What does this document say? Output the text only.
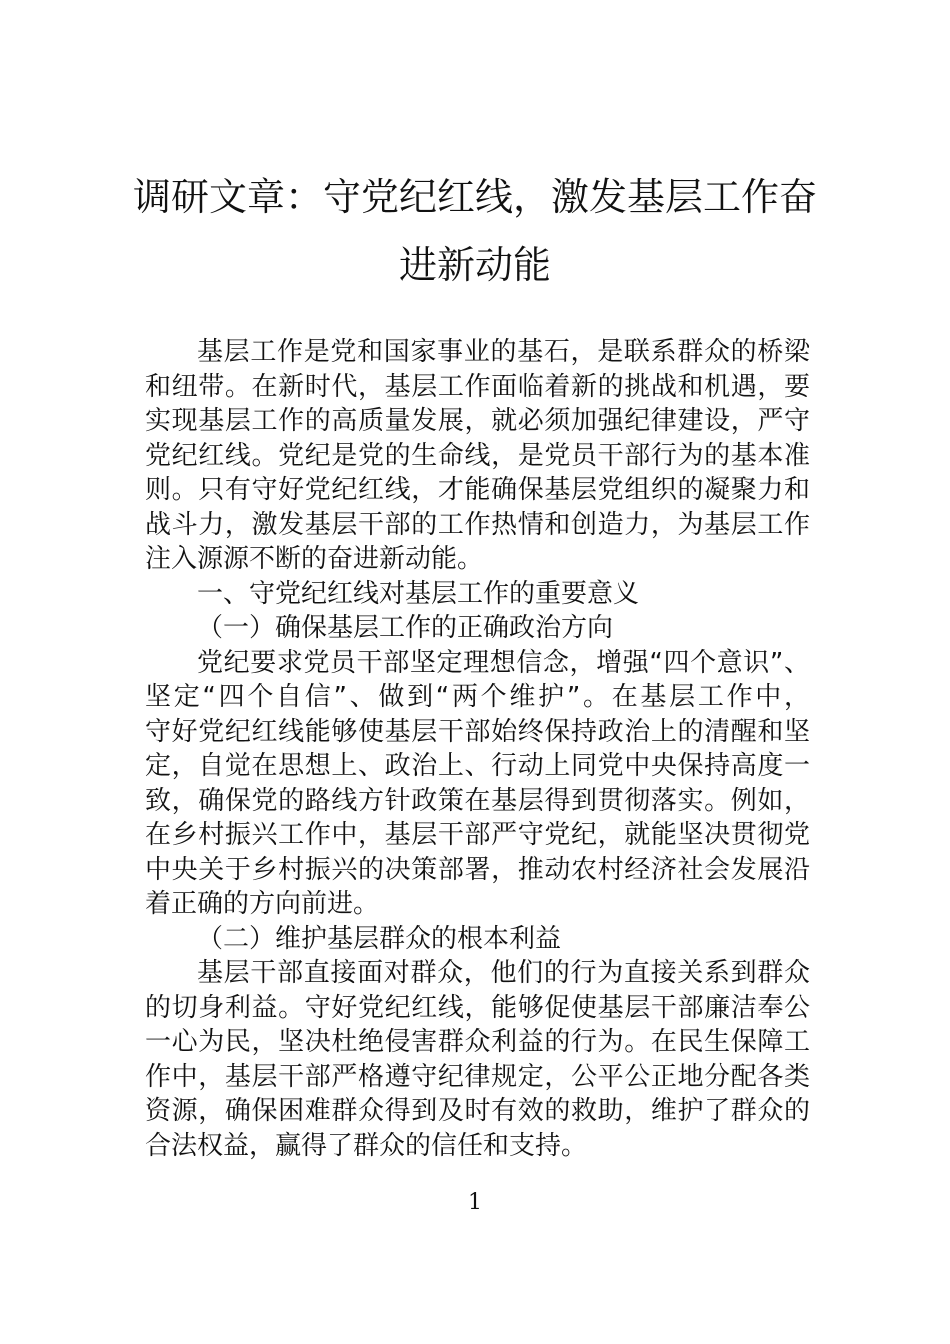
调研文章：守党纪红线，激发基层工作奋
进新动能
基层工作是党和国家事业的基石，是联系群众的桥梁
和纽带。在新时代，基层工作面临着新的挑战和机遇，要
实现基层工作的高质量发展，就必须加强纪律建设，严守
党纪红线。党纪是党的生命线，是党员干部行为的基本准
则。只有守好党纪红线，才能确保基层党组织的凝聚力和
战斗力，激发基层干部的工作热情和创造力，为基层工作
注入源源不断的奋进新动能。
一、守党纪红线对基层工作的重要意义
（一）确保基层工作的正确政治方向
党纪要求党员干部坚定理想信念，增强“四个意识”、
坚定“四个自信”、做到“两个维护”。在基层工作中，
守好党纪红线能够使基层干部始终保持政治上的清醒和坚
定，自觉在思想上、政治上、行动上同党中央保持高度一
致，确保党的路线方针政策在基层得到贯彻落实。例如，
在乡村振兴工作中，基层干部严守党纪，就能坚决贯彻党
中央关于乡村振兴的决策部署，推动农村经济社会发展沿
着正确的方向前进。
（二）维护基层群众的根本利益
基层干部直接面对群众，他们的行为直接关系到群众
的切身利益。守好党纪红线，能够促使基层干部廉洁奉公
一心为民，坚决杜绝侵害群众利益的行为。在民生保障工
作中，基层干部严格遵守纪律规定，公平公正地分配各类
资源，确保困难群众得到及时有效的救助，维护了群众的
合法权益，赢得了群众的信任和支持。
1
